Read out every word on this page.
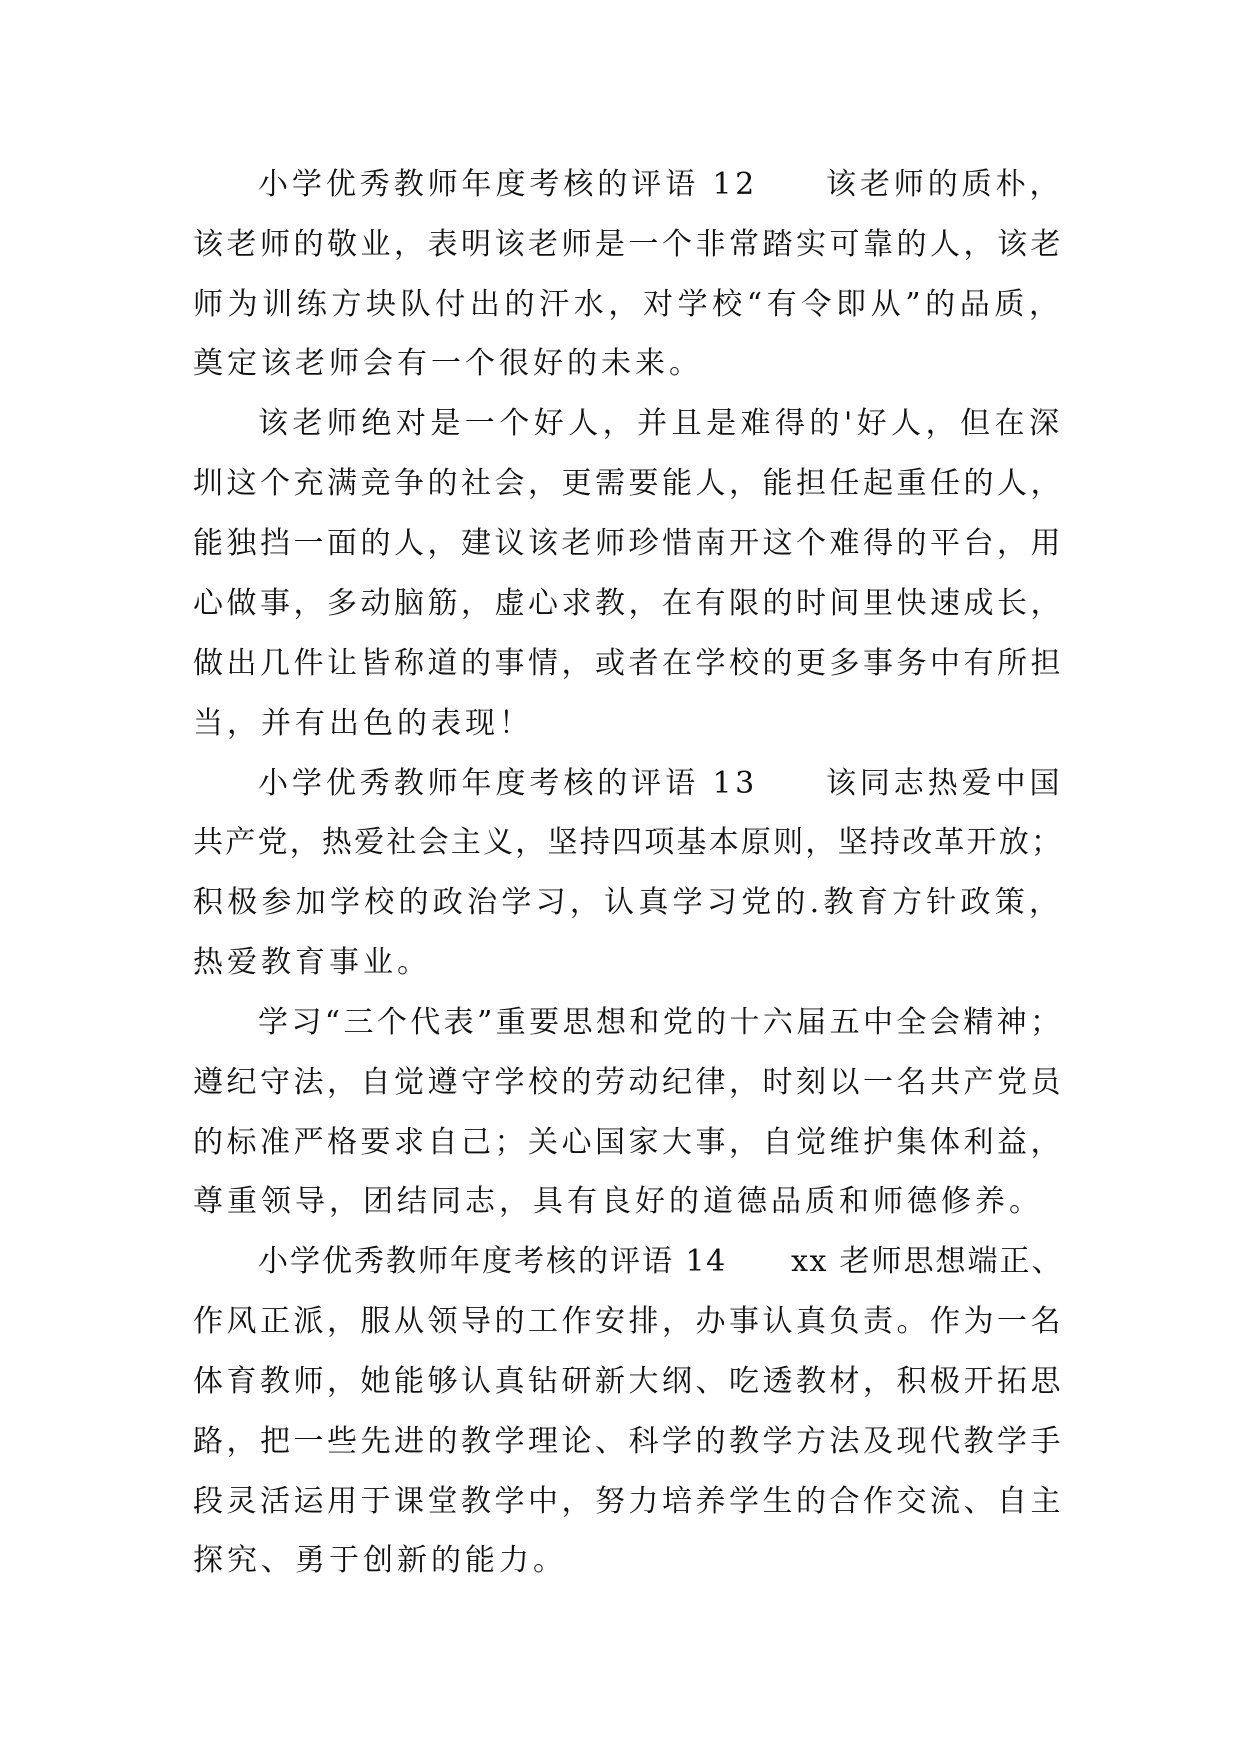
小学优秀教师年度考核的评语 12　　该老师的质朴，

该老师的敬业，表明该老师是一个非常踏实可靠的人，该老

师为训练方块队付出的汗水，对学校“有令即从”的品质，

奠定该老师会有一个很好的未来。

该老师绝对是一个好人，并且是难得的'好人，但在深

圳这个充满竞争的社会，更需要能人，能担任起重任的人，

能独挡一面的人，建议该老师珍惜南开这个难得的平台，用

心做事，多动脑筋，虚心求教，在有限的时间里快速成长，

做出几件让皆称道的事情，或者在学校的更多事务中有所担

当，并有出色的表现！

小学优秀教师年度考核的评语 13　　该同志热爱中国

共产党，热爱社会主义，坚持四项基本原则，坚持改革开放；

积极参加学校的政治学习，认真学习党的.教育方针政策，

热爱教育事业。

学习“三个代表”重要思想和党的十六届五中全会精神；

遵纪守法，自觉遵守学校的劳动纪律，时刻以一名共产党员

的标准严格要求自己；关心国家大事，自觉维护集体利益，

尊重领导，团结同志，具有良好的道德品质和师德修养。

小学优秀教师年度考核的评语 14　　xx 老师思想端正、

作风正派，服从领导的工作安排，办事认真负责。作为一名

体育教师，她能够认真钻研新大纲、吃透教材，积极开拓思

路，把一些先进的教学理论、科学的教学方法及现代教学手

段灵活运用于课堂教学中，努力培养学生的合作交流、自主

探究、勇于创新的能力。
